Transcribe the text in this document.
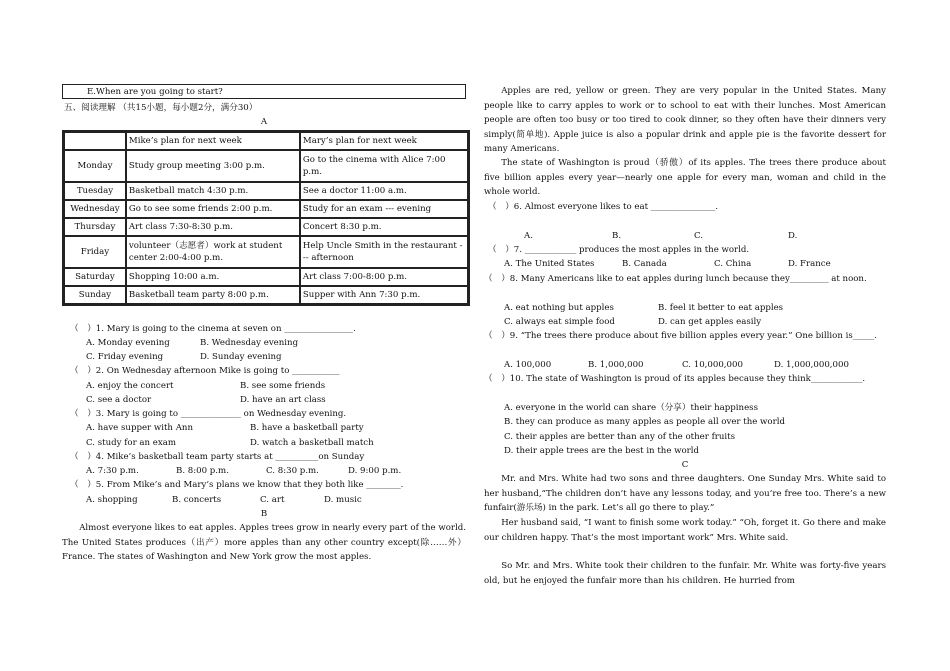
E.When are you going to start?
五、阅读理解 （共15小题，每小题2分，满分30）
A
	Mike’s plan for next week	Mary’s plan for next week
Monday	Study group meeting 3:00 p.m.	Go to the cinema with Alice 7:00 p.m.
Tuesday	Basketball match 4:30 p.m.	See a doctor 11:00 a.m.
Wednesday	Go to see some friends 2:00 p.m.	Study for an exam --- evening
Thursday	Art class 7:30-8:30 p.m.	Concert 8:30 p.m.
Friday	volunteer（志愿者）work at student center 2:00-4:00 p.m.	Help Uncle Smith in the restaurant --- afternoon
Saturday	Shopping 10:00 a.m.	Art class 7:00-8:00 p.m.
Sunday	Basketball team party 8:00 p.m.	Supper with Ann 7:30 p.m.
（　）1. Mary is going to the cinema at seven on ________________.
A. Monday evening	B. Wednesday evening
C. Friday evening	D. Sunday evening
（　）2. On Wednesday afternoon Mike is going to ___________
A. enjoy the concert	B. see some friends
C. see a doctor	D. have an art class
（　）3. Mary is going to ______________ on Wednesday evening.
A. have supper with Ann	B. have a basketball party
C. study for an exam	D. watch a basketball match
（　）4. Mike’s basketball team party starts at __________on Sunday
A. 7:30 p.m.	B. 8:00 p.m.	C. 8:30 p.m.	D. 9:00 p.m.
（　）5. From Mike’s and Mary’s plans we know that they both like ________.
A. shopping	B. concerts	C. art	D. music
B
Almost everyone likes to eat apples. Apples trees grow in nearly every part of the world. The United States produces（出产）more apples than any other country except(除……外）France. The states of Washington and New York grow the most apples.
Apples are red, yellow or green. They are very popular in the United States. Many people like to carry apples to work or to school to eat with their lunches. Most American people are often too busy or too tired to cook dinner, so they often have their dinners very simply(简单地). Apple juice is also a popular drink and apple pie is the favorite dessert for many Americans.
The state of Washington is proud（骄傲）of its apples. The trees there produce about five billion apples every year—nearly one apple for every man, woman and child in the whole world.
（　）6. Almost everyone likes to eat _______________.
A.	B.	C.	D.
（　）7. ____________ produces the most apples in the world.
A. The United States	B. Canada	C. China	D. France
（　）8. Many Americans like to eat apples during lunch because they_________ at noon.
A. eat nothing but apples	B. feel it better to eat apples
C. always eat simple food	D. can get apples easily
（　）9. “The trees there produce about five billion apples every year.” One billion is_____.
A. 100,000	B. 1,000,000	C. 10,000,000	D. 1,000,000,000
（　）10. The state of Washington is proud of its apples because they think____________.
A. everyone in the world can share（分享）their happiness
B. they can produce as many apples as people all over the world
C. their apples are better than any of the other fruits
D. their apple trees are the best in the world
C
Mr. and Mrs. White had two sons and three daughters. One Sunday Mrs. White said to her husband,“The children don’t have any lessons today, and you’re free too. There’s a new funfair(游乐场) in the park. Let’s all go there to play.”
Her husband said, “I want to finish some work today.” “Oh, forget it. Go there and make our children happy. That’s the most important work” Mrs. White said.
So Mr. and Mrs. White took their children to the funfair. Mr. White was forty-five years old, but he enjoyed the funfair more than his children. He hurried from
